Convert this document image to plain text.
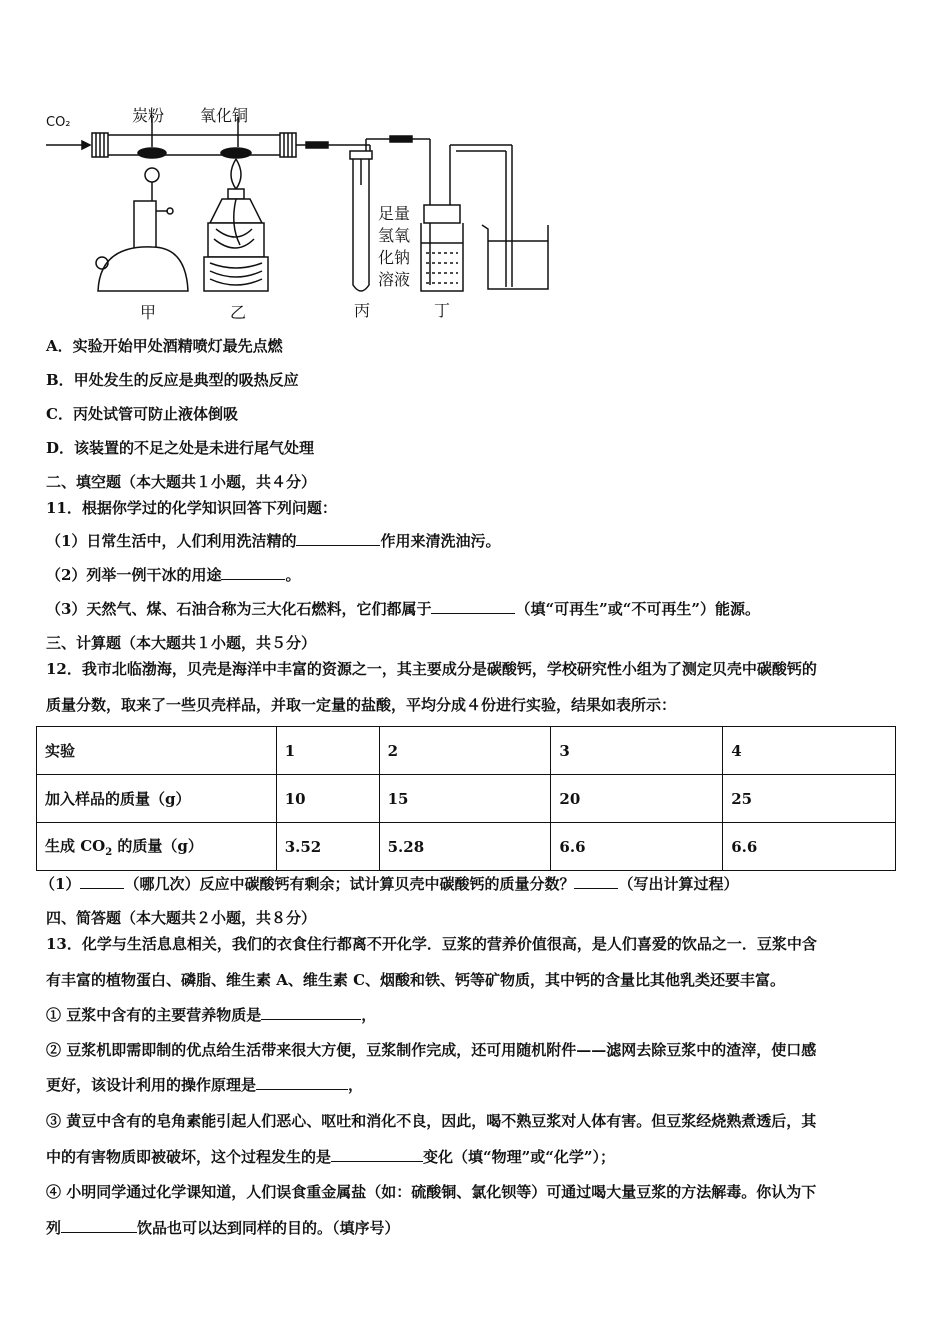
CO₂	炭粉 氧化铜
甲	乙	丙	丁
足量
氢氧
化钠
溶液
A．实验开始甲处酒精喷灯最先点燃
B．甲处发生的反应是典型的吸热反应
C．丙处试管可防止液体倒吸
D．该装置的不足之处是未进行尾气处理
二、填空题（本大题共１小题，共４分）
11．根据你学过的化学知识回答下列问题：
（1）日常生活中，人们利用洗洁精的	作用来清洗油污。
（2）列举一例干冰的用途	。
（3）天然气、煤、石油合称为三大化石燃料，它们都属于	（填“可再生”或“不可再生”）能源。
三、计算题（本大题共１小题，共５分）
12．我市北临渤海，贝壳是海洋中丰富的资源之一，其主要成分是碳酸钙，学校研究性小组为了测定贝壳中碳酸钙的
质量分数，取来了一些贝壳样品，并取一定量的盐酸，平均分成４份进行实验，结果如表所示：
实验	1	2	3	4
加入样品的质量（g）	10	15	20	25
生成 $CO_2$ 的质量（g）	3.52	5.28	6.6	6.6
（1）	（哪几次）反应中碳酸钙有剩余；试计算贝壳中碳酸钙的质量分数？	（写出计算过程）
四、简答题（本大题共２小题，共８分）
13．化学与生活息息相关，我们的衣食住行都离不开化学．豆浆的营养价值很高，是人们喜爱的饮品之一．豆浆中含
有丰富的植物蛋白、磷脂、维生素 A、维生素 C、烟酸和铁、钙等矿物质，其中钙的含量比其他乳类还要丰富。
① 豆浆中含有的主要营养物质是	，
② 豆浆机即需即制的优点给生活带来很大方便，豆浆制作完成，还可用随机附件——滤网去除豆浆中的渣滓，使口感
更好，该设计利用的操作原理是	，
③ 黄豆中含有的皂角素能引起人们恶心、呕吐和消化不良，因此，喝不熟豆浆对人体有害。但豆浆经烧熟煮透后，其
中的有害物质即被破坏，这个过程发生的是	变化（填“物理”或“化学”）；
④ 小明同学通过化学课知道，人们误食重金属盐（如：硫酸铜、氯化钡等）可通过喝大量豆浆的方法解毒。你认为下
列	饮品也可以达到同样的目的。（填序号）
